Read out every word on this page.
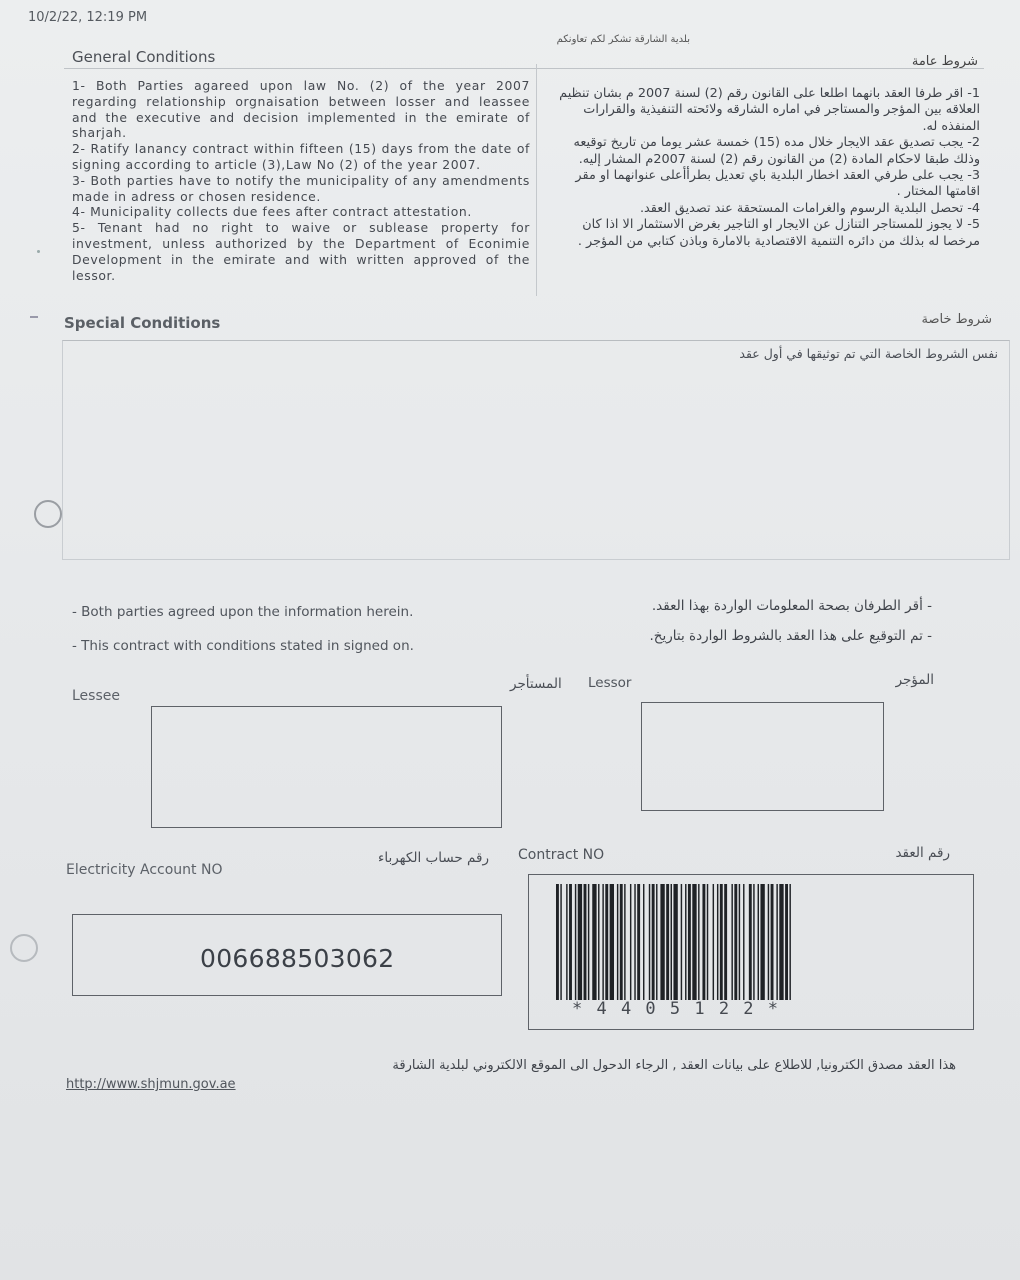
10/2/22, 12:19 PM
بلدية الشارقة تشكر لكم تعاونكم
General Conditions	شروط عامة

1- Both Parties agareed upon law No. (2) of the year 2007 regarding relationship orgnaisation between losser and leassee and the executive and decision implemented in the emirate of sharjah.

2- Ratify lanancy contract within fifteen (15) days from the date of signing according to article (3),Law No (2) of the year 2007.

3- Both parties have to notify the municipality of any amendments made in adress or chosen residence.

4- Municipality collects due fees after contract attestation.

5- Tenant had no right to waive or sublease property for investment, unless authorized by the Department of Econimie Development in the emirate and with written approved of the lessor.

1- اقر طرفا العقد بانهما اطلعا على القانون رقم (2) لسنة 2007 م بشان تنظيم العلاقه بين المؤجر والمستاجر في اماره الشارقه ولائحته التنفيذية والقرارات المنفذه له.

2- يجب تصديق عقد الايجار خلال مده (15) خمسة عشر يوما من تاريخ توقيعه وذلك طبقا لاحكام المادة (2) من القانون رقم (2) لسنة 2007م المشار إليه.

3- يجب على طرفي العقد اخطار البلدية باي تعديل بطرأأعلى عنوانهما او مقر اقامتها المختار .

4- تحصل البلدية الرسوم والغرامات المستحقة عند تصديق العقد.

5- لا يجوز للمستاجر التنازل عن الايجار او التاجير بغرض الاستثمار الا اذا كان مرخصا له بذلك من دائره التنمية الاقتصادية بالامارة وباذن كتابي من المؤجر .

Special Conditions	شروط خاصة
نفس الشروط الخاصة التي تم توثيقها في أول عقد
- Both parties agreed upon the information herein.
- This contract with conditions stated in signed on.
- أقر الطرفان بصحة المعلومات الواردة بهذا العقد.
- تم التوقيع على هذا العقد بالشروط الواردة بتاريخ.
Lessee
المستأجر Lessor	المؤجر
Electricity Account NO
رقم حساب الكهرباء Contract NO	رقم العقد
006688503062
* 4 4 0 5 1 2 2 *
هذا العقد مصدق الكترونيا, للاطلاع على بيانات العقد , الرجاء الدحول الى الموقع الالكتروني لبلدية الشارقة
http://www.shjmun.gov.ae
